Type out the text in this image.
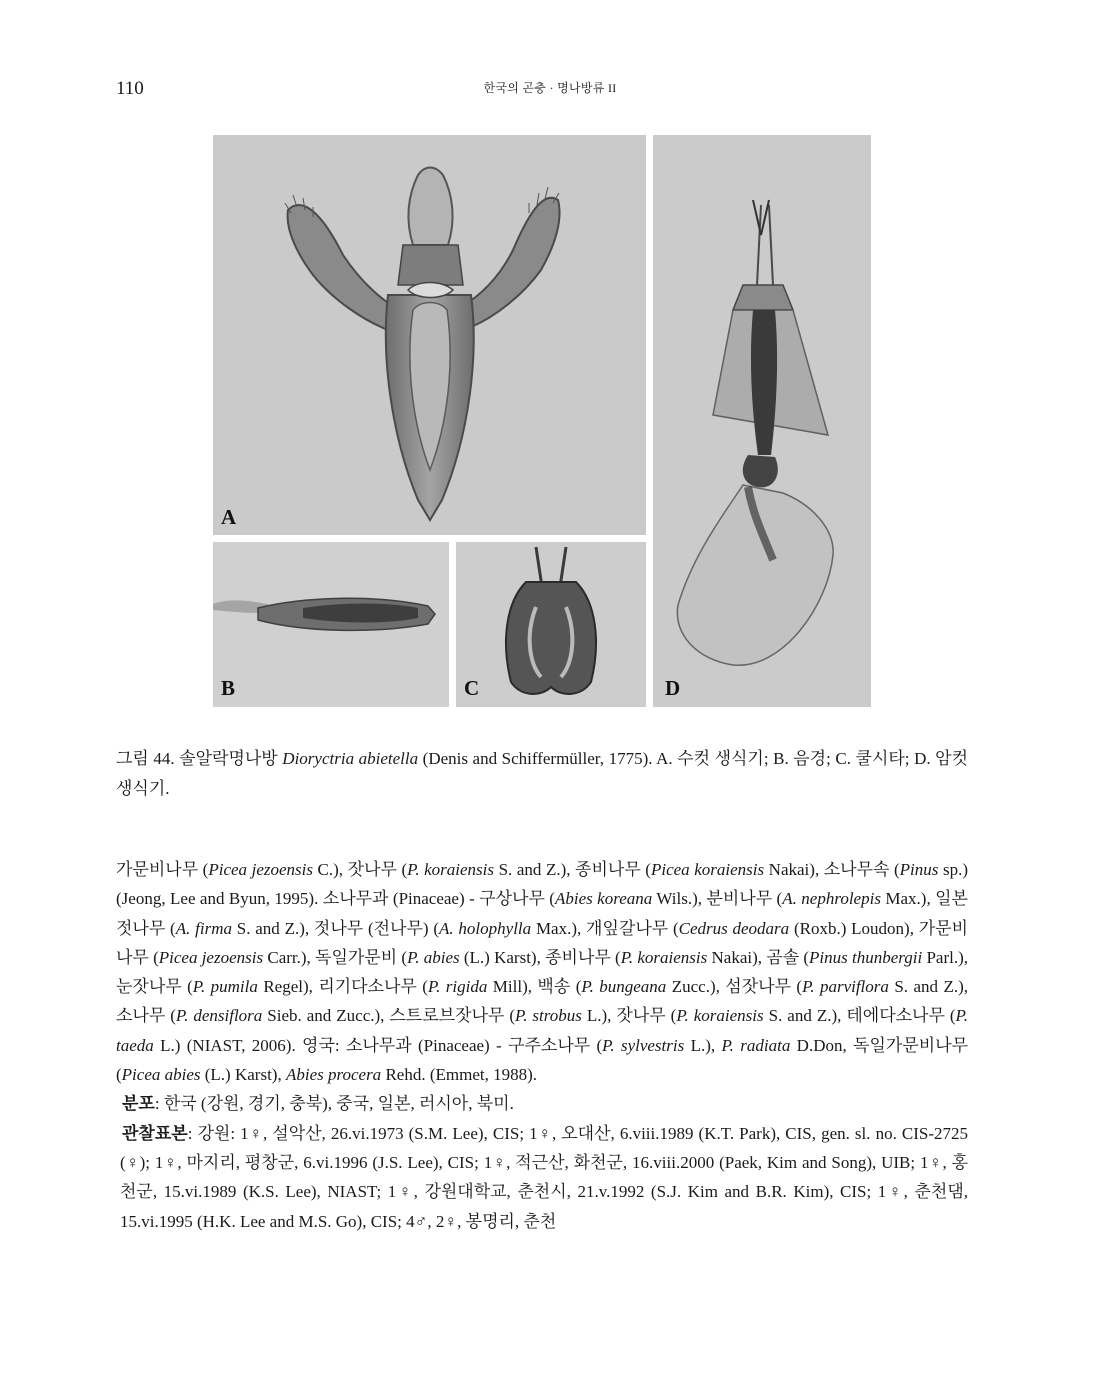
110	한국의 곤충 · 명나방류 II
A
B	C	D
그림 44. 솔알락명나방 Dioryctria abietella (Denis and Schiffermüller, 1775). A. 수컷 생식기; B. 음경; C. 쿨시타; D. 암컷 생식기.

가문비나무 (Picea jezoensis C.), 잣나무 (P. koraiensis S. and Z.), 종비나무 (Picea koraiensis Nakai), 소나무속 (Pinus sp.) (Jeong, Lee and Byun, 1995). 소나무과 (Pinaceae) - 구상나무 (Abies koreana Wils.), 분비나무 (A. nephrolepis Max.), 일본젓나무 (A. firma S. and Z.), 젓나무 (전나무) (A. holophylla Max.), 개잎갈나무 (Cedrus deodara (Roxb.) Loudon), 가문비나무 (Picea jezoensis Carr.), 독일가문비 (P. abies (L.) Karst), 종비나무 (P. koraiensis Nakai), 곰솔 (Pinus thunbergii Parl.), 눈잣나무 (P. pumila Regel), 리기다소나무 (P. rigida Mill), 백송 (P. bungeana Zucc.), 섬잣나무 (P. parviflora S. and Z.), 소나무 (P. densiflora Sieb. and Zucc.), 스트로브잣나무 (P. strobus L.), 잣나무 (P. koraiensis S. and Z.), 테에다소나무 (P. taeda L.) (NIAST, 2006). 영국: 소나무과 (Pinaceae) - 구주소나무 (P. sylvestris L.), P. radiata D.Don, 독일가문비나무 (Picea abies (L.) Karst), Abies procera Rehd. (Emmet, 1988).

분포: 한국 (강원, 경기, 충북), 중국, 일본, 러시아, 북미.

관찰표본: 강원: 1♀, 설악산, 26.vi.1973 (S.M. Lee), CIS; 1♀, 오대산, 6.viii.1989 (K.T. Park), CIS, gen. sl. no. CIS-2725 (♀); 1♀, 마지리, 평창군, 6.vi.1996 (J.S. Lee), CIS; 1♀, 적근산, 화천군, 16.viii.2000 (Paek, Kim and Song), UIB; 1♀, 홍천군, 15.vi.1989 (K.S. Lee), NIAST; 1♀, 강원대학교, 춘천시, 21.v.1992 (S.J. Kim and B.R. Kim), CIS; 1♀, 춘천댐, 15.vi.1995 (H.K. Lee and M.S. Go), CIS; 4♂, 2♀, 봉명리, 춘천
